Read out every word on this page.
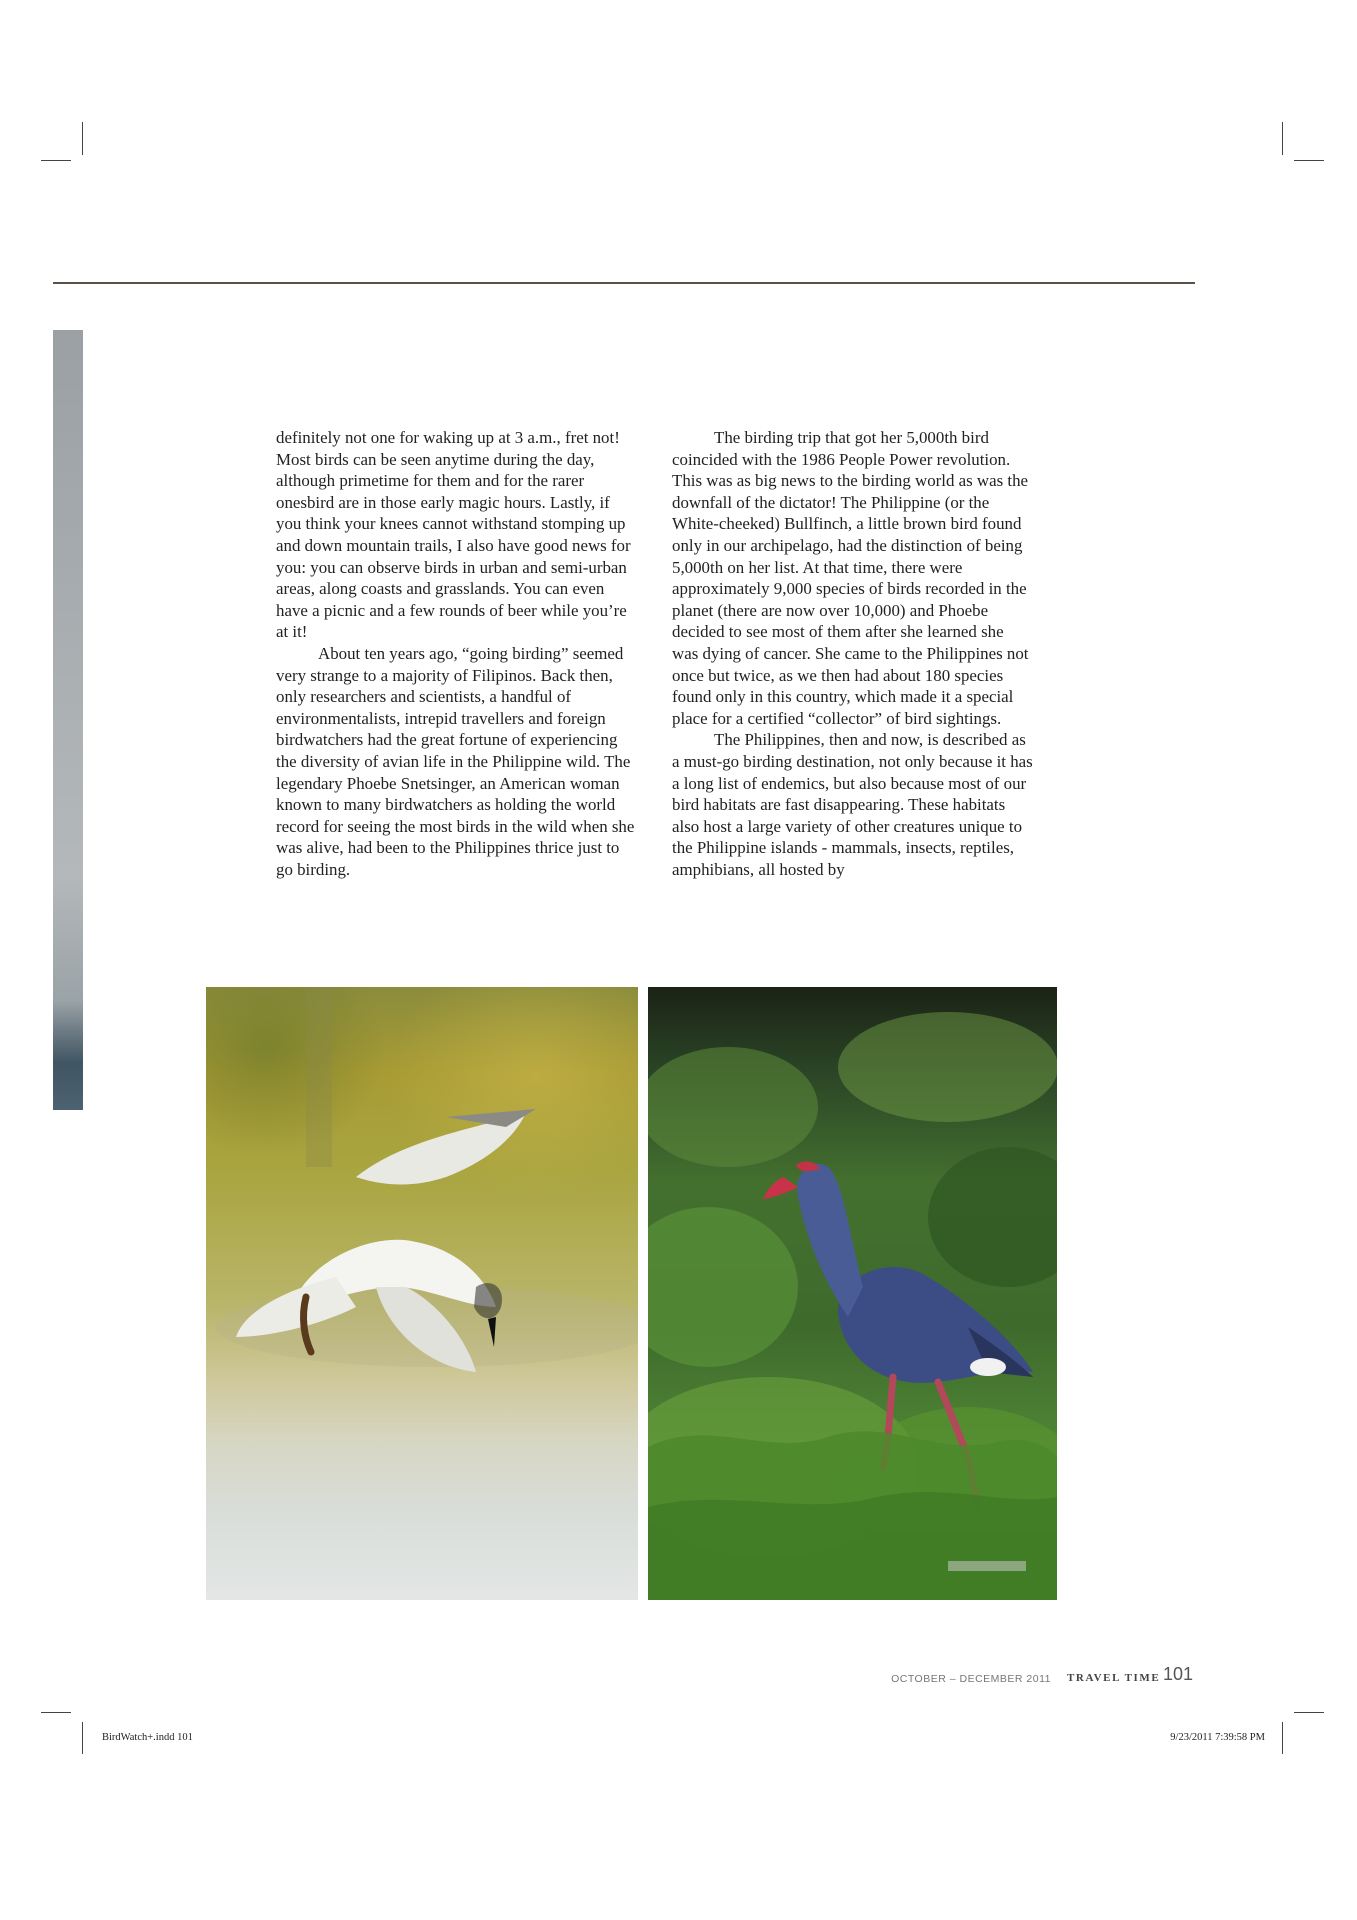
definitely not one for waking up at 3 a.m., fret not! Most birds can be seen anytime during the day, although primetime for them and for the rarer onesbird are in those early magic hours. Lastly, if you think your knees cannot withstand stomping up and down mountain trails, I also have good news for you: you can observe birds in urban and semi-urban areas, along coasts and grasslands. You can even have a picnic and a few rounds of beer while you’re at it!

About ten years ago, “going birding” seemed very strange to a majority of Filipinos. Back then, only researchers and scientists, a handful of environmentalists, intrepid travellers and foreign birdwatchers had the great fortune of experiencing the diversity of avian life in the Philippine wild. The legendary Phoebe Snetsinger, an American woman known to many birdwatchers as holding the world record for seeing the most birds in the wild when she was alive, had been to the Philippines thrice just to go birding.

The birding trip that got her 5,000th bird coincided with the 1986 People Power revolution. This was as big news to the birding world as was the downfall of the dictator! The Philippine (or the White-cheeked) Bullfinch, a little brown bird found only in our archipelago, had the distinction of being 5,000th on her list. At that time, there were approximately 9,000 species of birds recorded in the planet (there are now over 10,000) and Phoebe decided to see most of them after she learned she was dying of cancer. She came to the Philippines not once but twice, as we then had about 180 species found only in this country, which made it a special place for a certified “collector” of bird sightings.

The Philippines, then and now, is described as a must-go birding destination, not only because it has a long list of endemics, but also because most of our bird habitats are fast disappearing. These habitats also host a large variety of other creatures unique to the Philippine islands - mammals, insects, reptiles, amphibians, all hosted by

OCTOBER – DECEMBER 2011 TRAVEL TIME 101
BirdWatch+.indd 101	9/23/2011 7:39:58 PM
